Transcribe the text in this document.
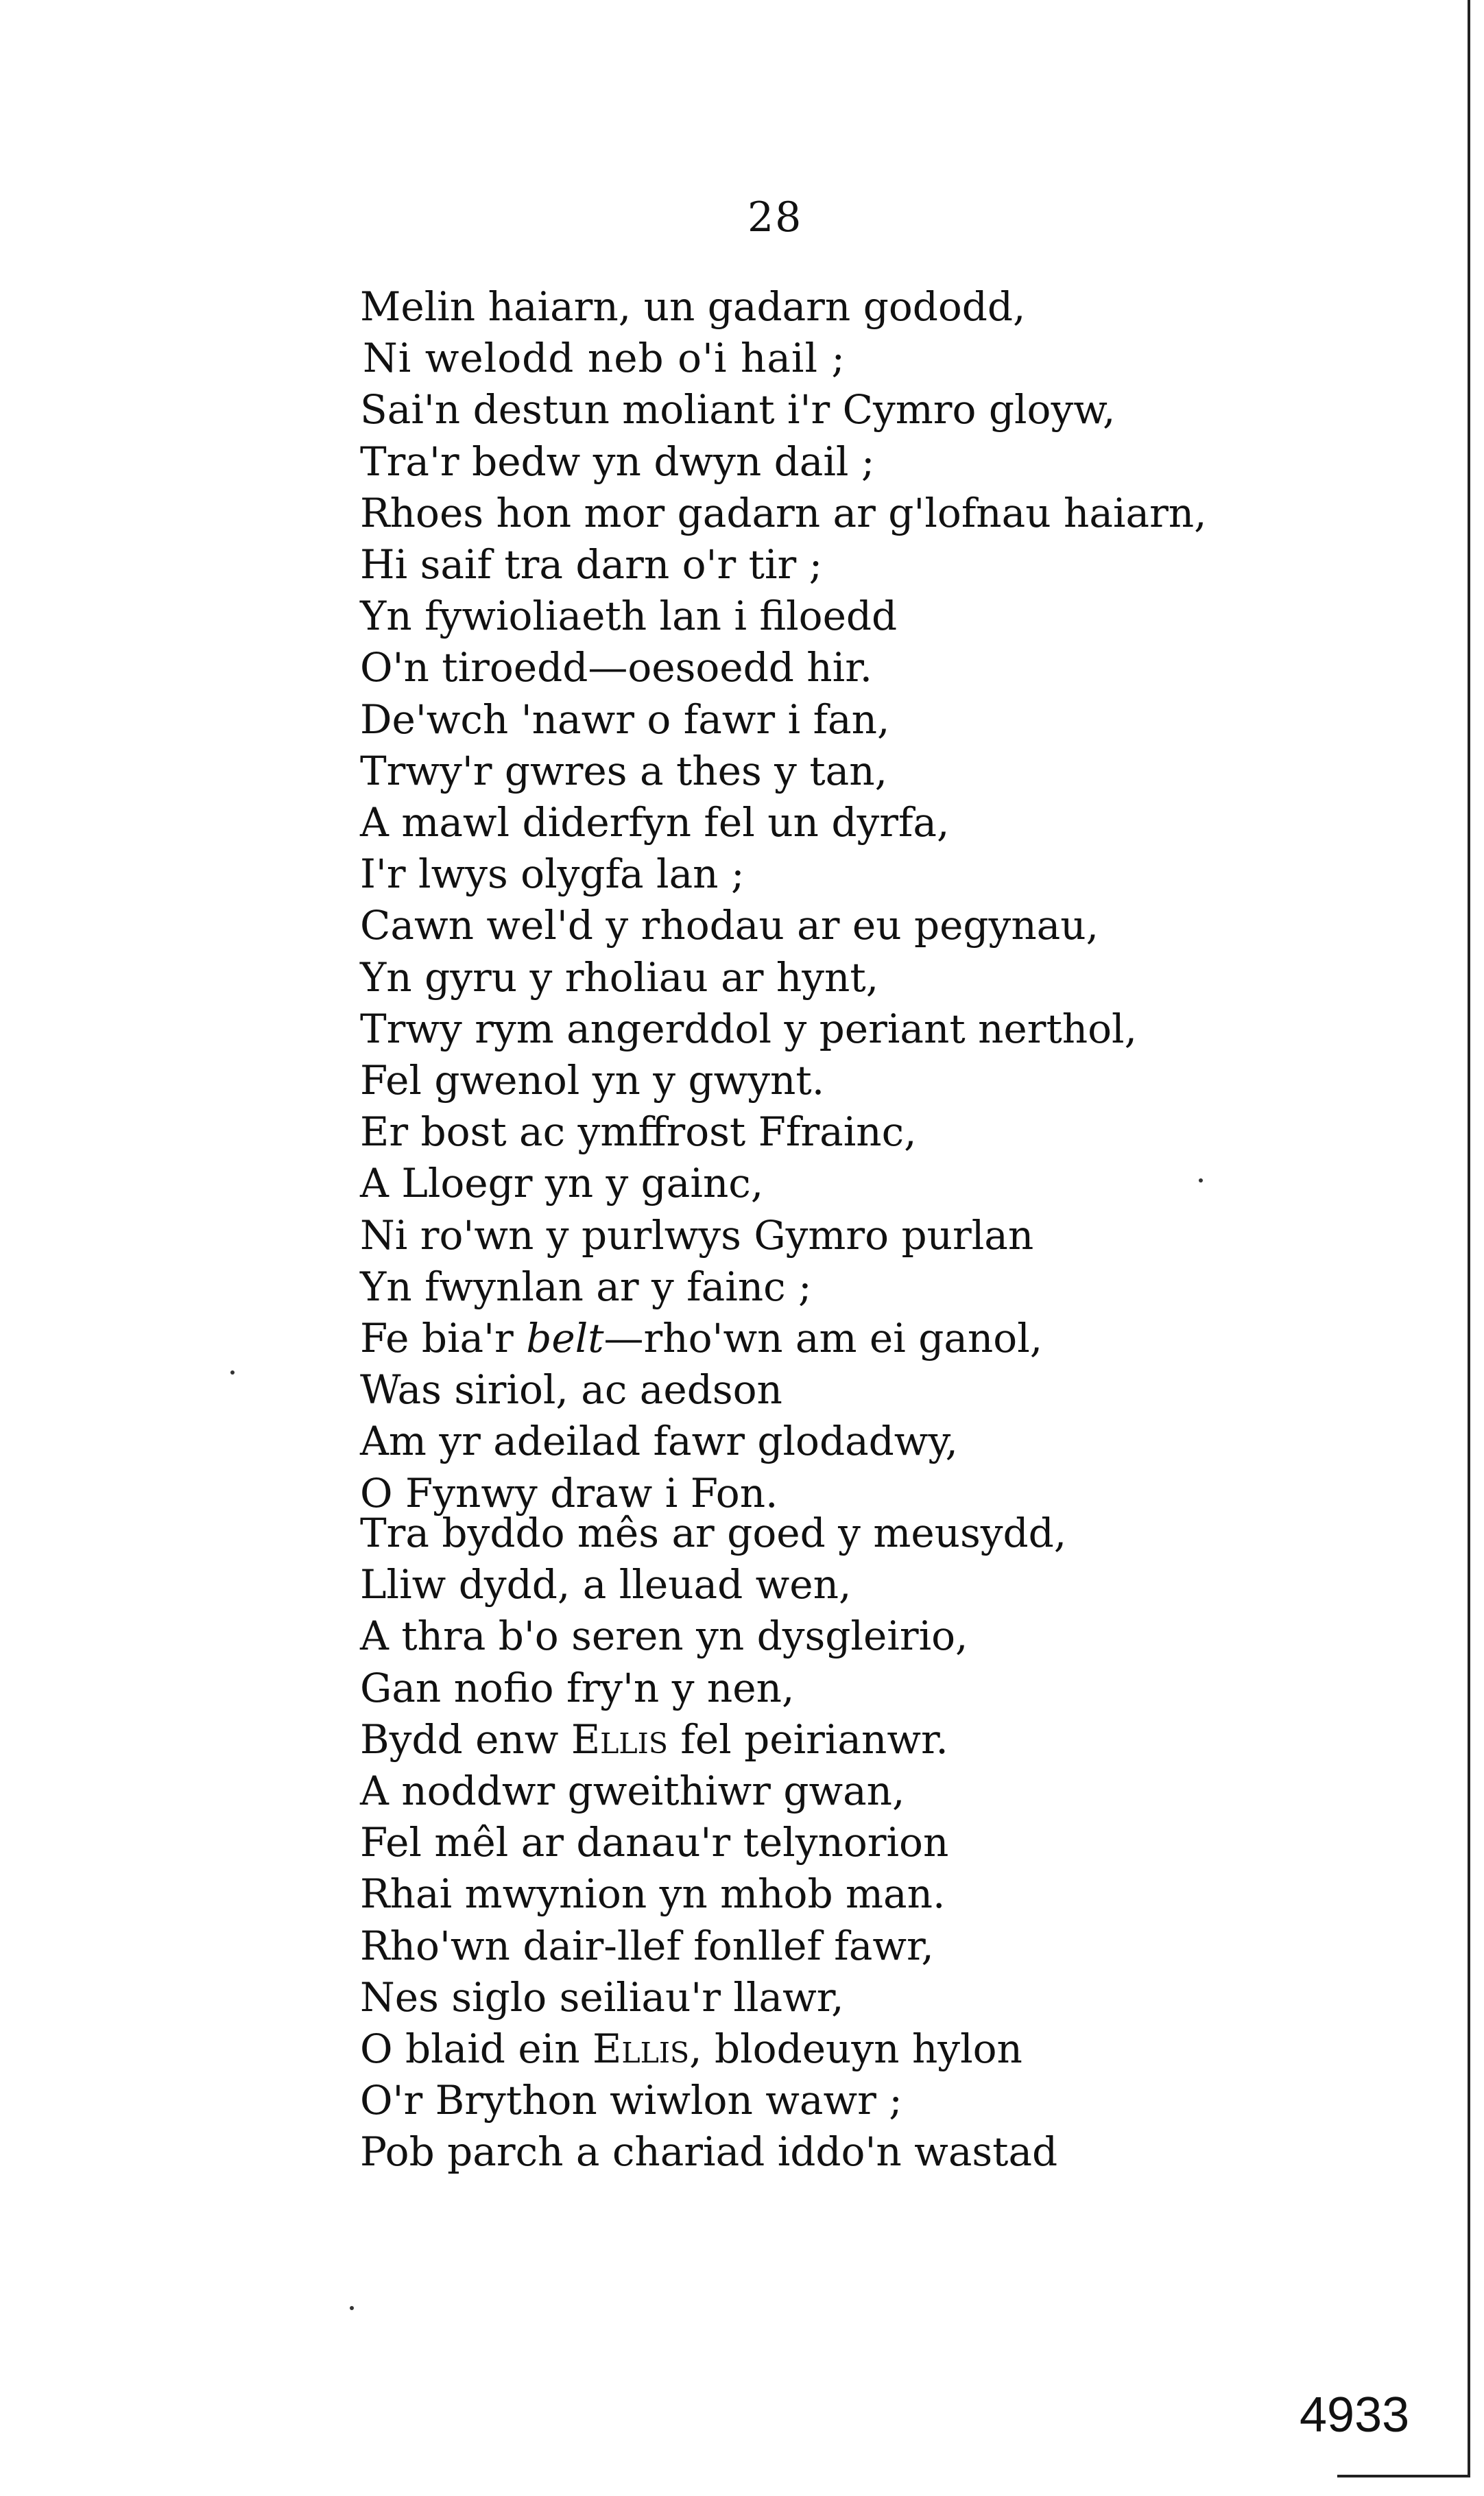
28
Melin haiarn, un gadarn gododd,
Ni welodd neb o'i hail ;
Sai'n destun moliant i'r Cymro gloyw,
Tra'r bedw yn dwyn dail ;
Rhoes hon mor gadarn ar g'lofnau haiarn,
Hi saif tra darn o'r tir ;
Yn fywioliaeth lan i filoedd
O'n tiroedd—oesoedd hir.
De'wch 'nawr o fawr i fan,
Trwy'r gwres a thes y tan,
A mawl diderfyn fel un dyrfa,
I'r lwys olygfa lan ;
Cawn wel'd y rhodau ar eu pegynau,
Yn gyru y rholiau ar hynt,
Trwy rym angerddol y periant nerthol,
Fel gwenol yn y gwynt.
Er bost ac ymffrost Ffrainc,
A Lloegr yn y gainc,
Ni ro'wn y purlwys Gymro purlan
Yn fwynlan ar y fainc ;
Fe bia'r belt—rho'wn am ei ganol,
Was siriol, ac aedson
Am yr adeilad fawr glodadwy,
O Fynwy draw i Fon.
Tra byddo mês ar goed y meusydd,
Lliw dydd, a lleuad wen,
A thra b'o seren yn dysgleirio,
Gan nofio fry'n y nen,
Bydd enw Ellis fel peirianwr.
A noddwr gweithiwr gwan,
Fel mêl ar danau'r telynorion
Rhai mwynion yn mhob man.
Rho'wn dair-llef fonllef fawr,
Nes siglo seiliau'r llawr,
O blaid ein Ellis, blodeuyn hylon
O'r Brython wiwlon wawr ;
Pob parch a chariad iddo'n wastad
4933
